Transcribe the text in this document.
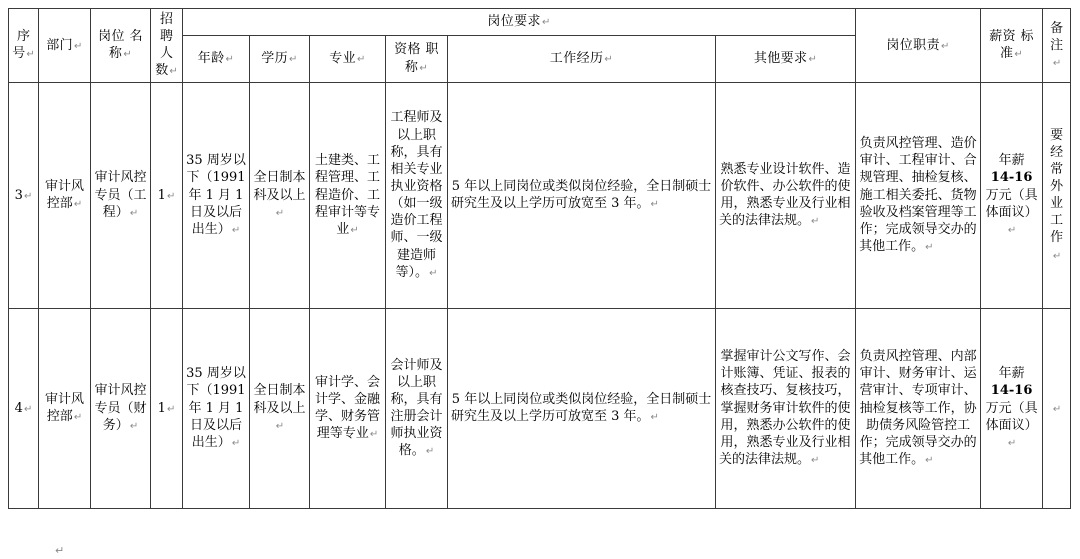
序 号↵	部门↵	岗位 名称↵	招 聘 人 数↵	岗位要求↵						岗位职责↵	薪资 标准↵	备 注↵
				年龄↵	学历↵	专业↵	资格 职称↵	工作经历↵	其他要求↵			
3↵	审计风控部↵	审计风控专员（工程）↵	1↵	35 周岁以下（1991 年 1 月 1 日及以后出生）↵	全日制本科及以上↵	土建类、工程管理、工程造价、工程审计等专业↵	工程师及以上职称，具有相关专业执业资格（如一级造价工程师、一级建造师等）。↵	5 年以上同岗位或类似岗位经验，全日制硕士研究生及以上学历可放宽至 3 年。↵	熟悉专业设计软件、造价软件、办公软件的使用，熟悉专业及行业相关的法律法规。↵	负责风控管理、造价审计、工程审计、合规管理、抽检复核、施工相关委托、货物验收及档案管理等工作；完成领导交办的其他工作。↵	年薪
14-16
万元（具体面议）↵	要经常外业工作↵
4↵	审计风控部↵	审计风控专员（财务）↵	1↵	35 周岁以下（1991 年 1 月 1 日及以后出生）↵	全日制本科及以上↵	审计学、会计学、金融学、财务管理等专业↵	会计师及以上职称，具有注册会计师执业资格。↵	5 年以上同岗位或类似岗位经验，全日制硕士研究生及以上学历可放宽至 3 年。↵	掌握审计公文写作、会计账簿、凭证、报表的核查技巧、复核技巧，掌握财务审计软件的使用，熟悉办公软件的使用，熟悉专业及行业相关的法律法规。↵	负责风控管理、内部审计、财务审计、运营审计、专项审计、抽检复核等工作，协助债务风险管控工作；完成领导交办的其他工作。↵	年薪
14-16
万元（具体面议）↵	↵
↵
